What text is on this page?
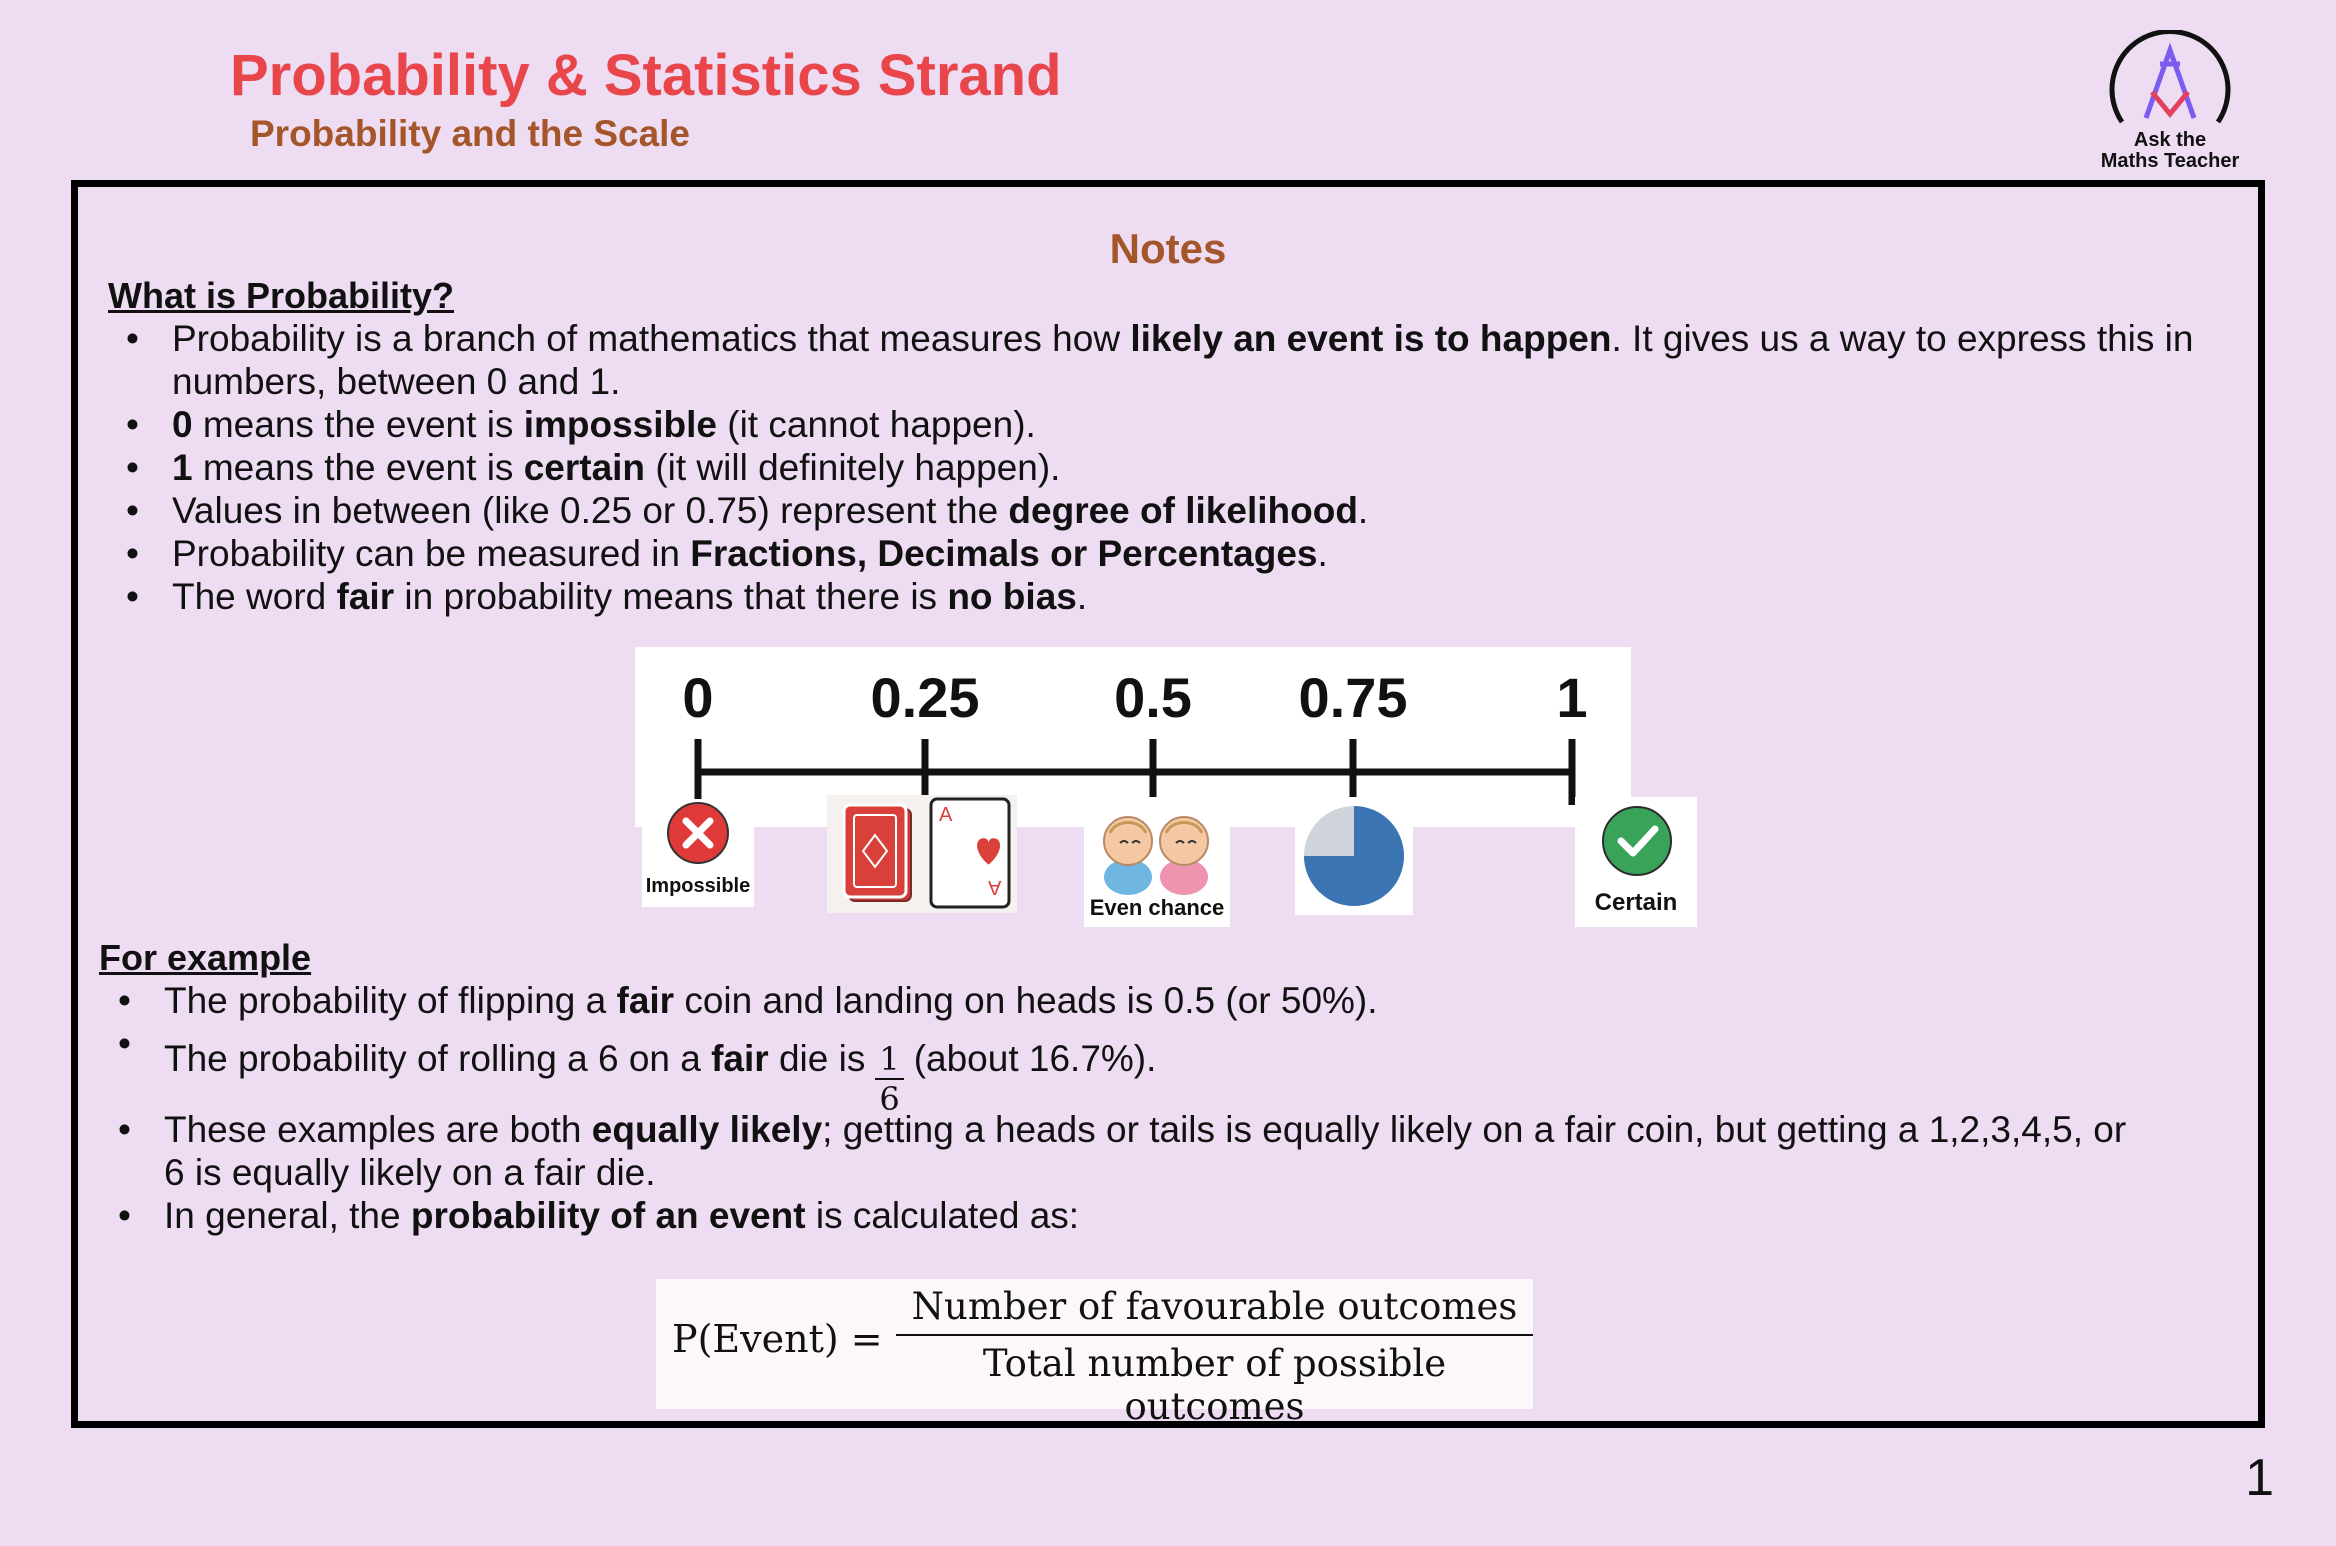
Probability & Statistics Strand
Probability and the Scale	Ask the
Maths Teacher
Notes
What is Probability?
• Probability is a branch of mathematics that measures how likely an event is to happen. It gives us a way to express this in numbers, between 0 and 1.
• 0 means the event is impossible (it cannot happen).
• 1 means the event is certain (it will definitely happen).
• Values in between (like 0.25 or 0.75) represent the degree of likelihood.
• Probability can be measured in Fractions, Decimals or Percentages.
• The word fair in probability means that there is no bias.
0	0.25 0.5 0.75	1
Impossible
A
A
Even chance	Certain
For example
• The probability of flipping a fair coin and landing on heads is 0.5 (or 50%).
• The probability of rolling a 6 on a fair die is $\frac{1}{6}$ (about 16.7%).
• These examples are both equally likely; getting a heads or tails is equally likely on a fair coin, but getting a 1,2,3,4,5, or 6 is equally likely on a fair die.
• In general, the probability of an event is calculated as:
P(Event) =
Number of favourable outcomes
Total number of possible outcomes
1
